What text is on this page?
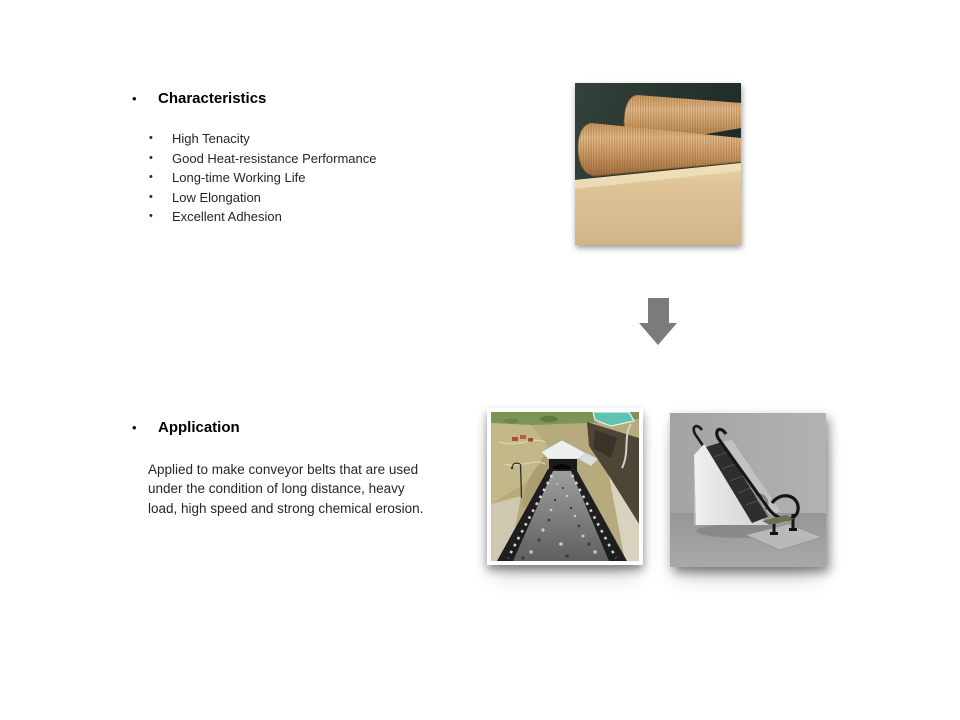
•	Characteristics
•	High Tenacity
•	Good Heat-resistance Performance
•	Long-time Working Life
•	Low Elongation
•	Excellent Adhesion
•	Application
Applied to make conveyor belts that are used
under the condition of long distance, heavy
load, high speed and strong chemical erosion.
